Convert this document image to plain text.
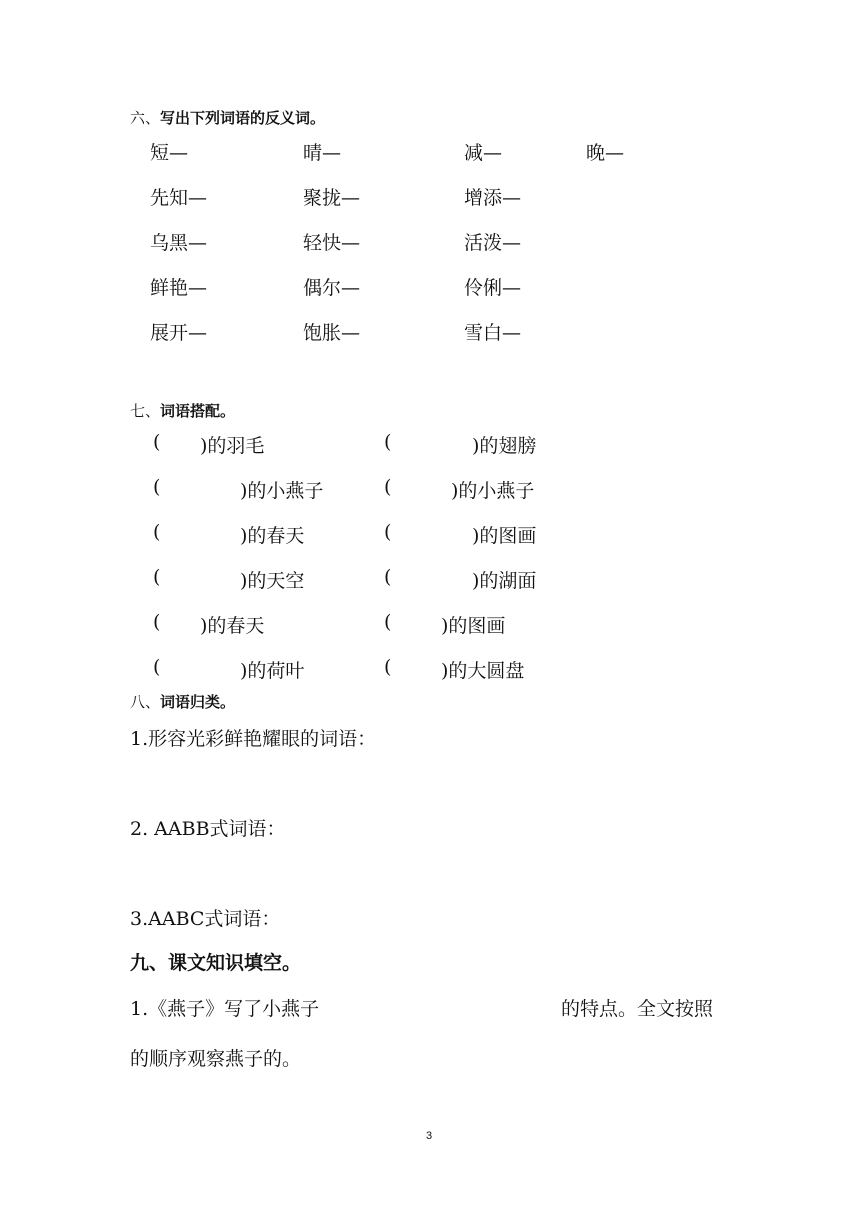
六、写出下列词语的反义词。
短—	晴—	减—	晚—
先知—	聚拢—	增添—
乌黑—	轻快—	活泼—
鲜艳—	偶尔—	伶俐—
展开—	饱胀—	雪白—
七、词语搭配。
( )的羽毛	(	)的翅膀
(	)的小燕子	(	)的小燕子
(	)的春天	(	)的图画
(	)的天空	(	)的湖面
( )的春天	(	)的图画
(	)的荷叶	(	)的大圆盘
八、词语归类。
1.形容光彩鲜艳耀眼的词语：
2. AABB式词语：
3.AABC式词语：
九、课文知识填空。
1.《燕子》写了小燕子	的特点。全文按照
的顺序观察燕子的。
3
